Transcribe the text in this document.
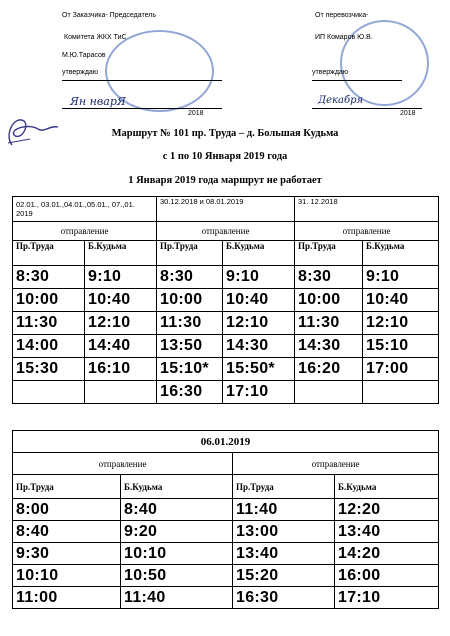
От Заказчика- Председатель
Комитета ЖКХ ТиС
М.Ю.Тарасов
утверждаю
Ян нварЯ
2018
От перевозчика-
ИП Комаров Ю.В.
утверждаю
Декабря
2018
Маршрут № 101 пр. Труда – д. Большая Кудьма
с 1 по 10 Января 2019 года
1 Января 2019 года маршрут не работает
02.01., 03.01.,04.01.,05.01., 07.,01. 2019		30.12.2018 и 08.01.2019		31. 12.2018	
отправление		отправление		отправление	
Пр.Труда	Б.Кудьма	Пр.Труда	Б.Кудьма	Пр.Труда	Б.Кудьма
8:30	9:10	8:30	9:10	8:30	9:10
10:00	10:40	10:00	10:40	10:00	10:40
11:30	12:10	11:30	12:10	11:30	12:10
14:00	14:40	13:50	14:30	14:30	15:10
15:30	16:10	15:10*	15:50*	16:20	17:00
		16:30	17:10		
06.01.2019			
отправление		отправление	
Пр.Труда	Б.Кудьма	Пр.Труда	Б.Кудьма
8:00	8:40	11:40	12:20
8:40	9:20	13:00	13:40
9:30	10:10	13:40	14:20
10:10	10:50	15:20	16:00
11:00	11:40	16:30	17:10
